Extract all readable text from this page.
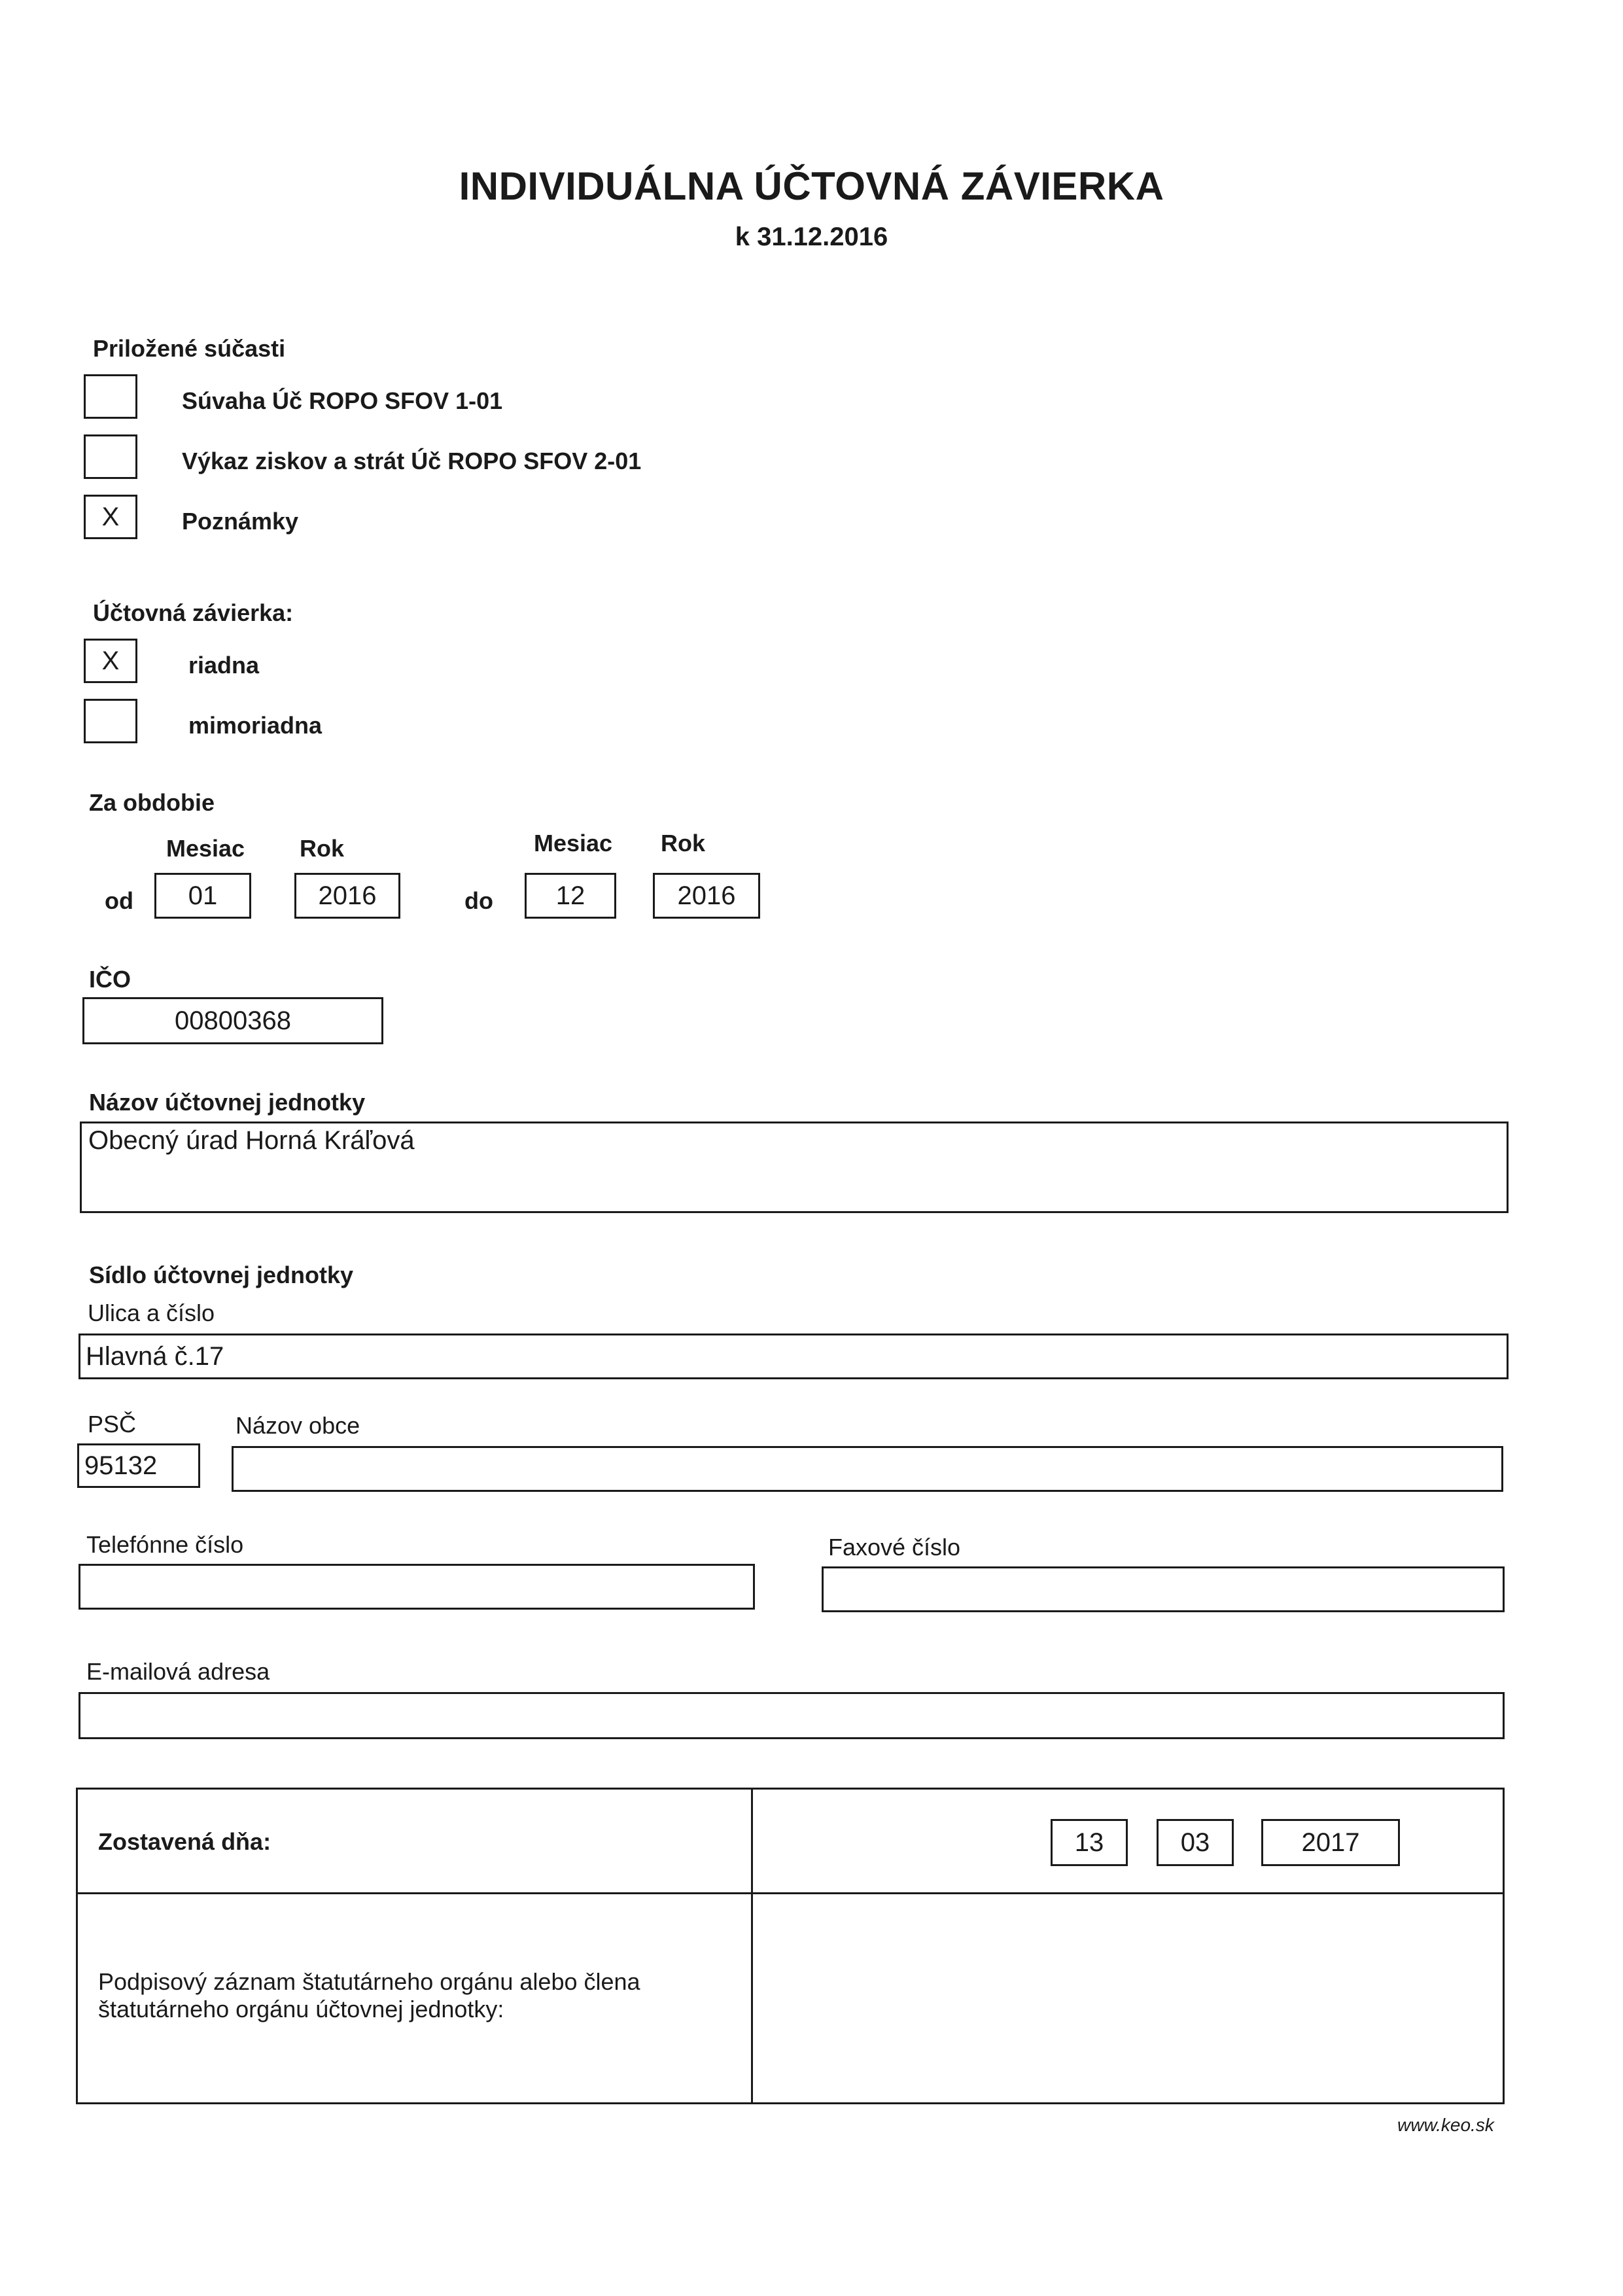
INDIVIDUÁLNA ÚČTOVNÁ ZÁVIERKA
k 31.12.2016
Priložené súčasti
Súvaha Úč ROPO SFOV 1-01
Výkaz ziskov a strát Úč ROPO SFOV 2-01
X	Poznámky
Účtovná závierka:
X	riadna
mimoriadna
Za obdobie
Mesiac Rok	Mesiac Rok
od	01	2016	do	12	2016
IČO
00800368
Názov účtovnej jednotky
Obecný úrad Horná Kráľová
Sídlo účtovnej jednotky
Ulica a číslo
Hlavná č.17
PSČ
95132
Názov obce
Telefónne číslo	Faxové číslo
E-mailová adresa
Zostavená dňa:	13	03	2017
Podpisový záznam štatutárneho orgánu alebo člena
štatutárneho orgánu účtovnej jednotky:
www.keo.sk
